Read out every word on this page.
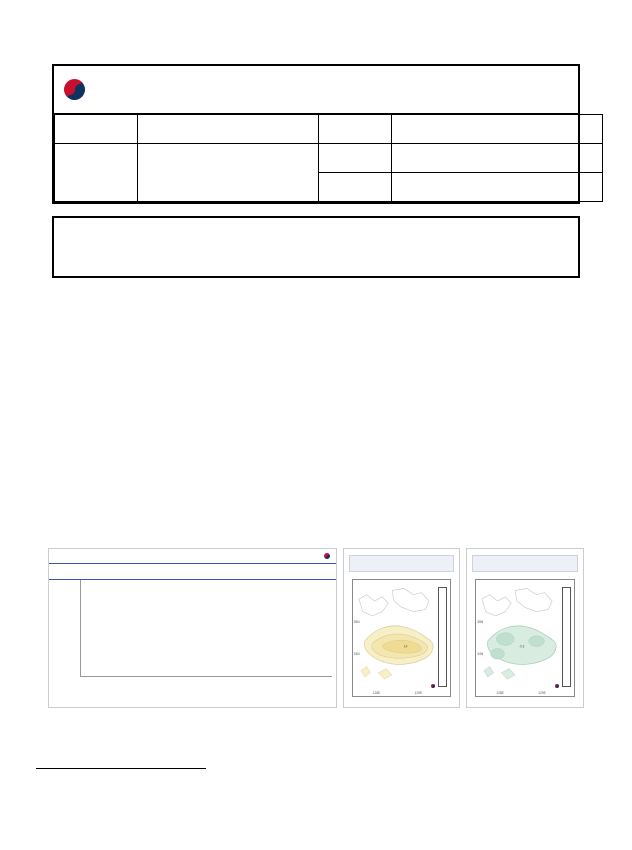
14
128E	129E
35N
34N
-0.3
128E	129E
35N
34N
